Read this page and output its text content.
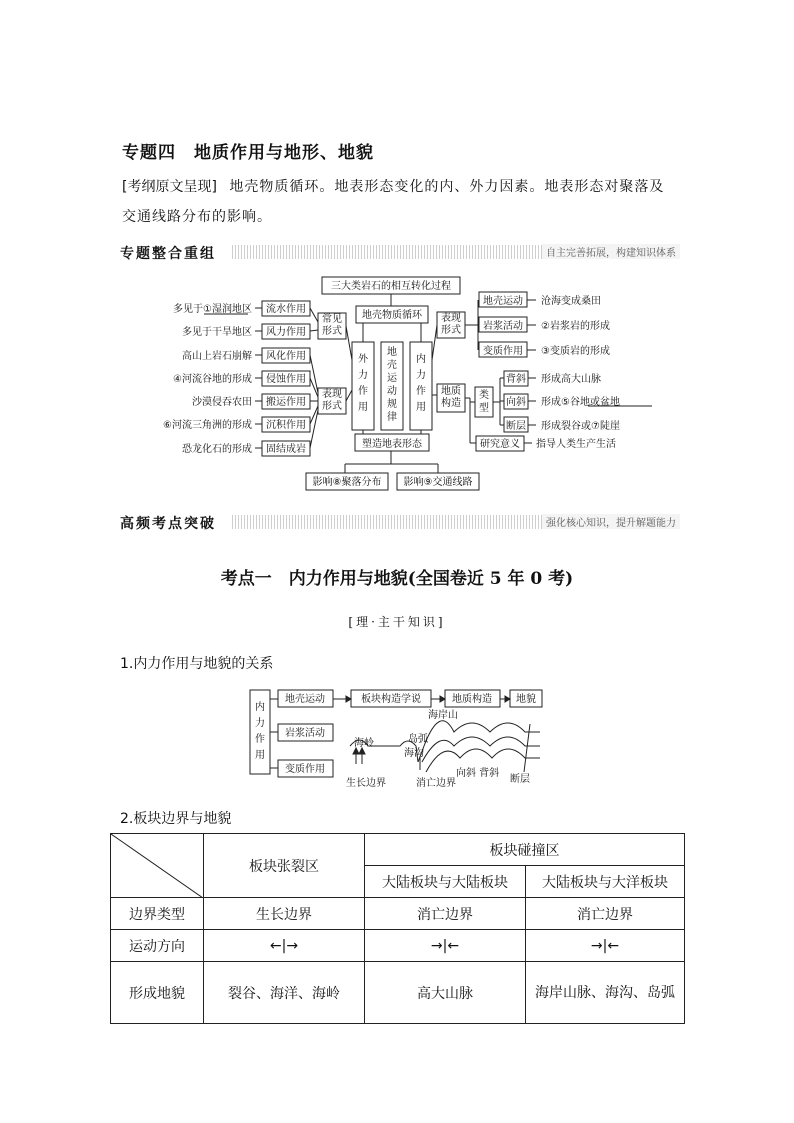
专题四　地质作用与地形、地貌
[考纲原文呈现] 地壳物质循环。地表形态变化的内、外力因素。地表形态对聚落及交通线路分布的影响。
专题整合重组	自主完善拓展，构建知识体系
三大类岩石的相互转化过程
地壳物质循环
塑造地表形态
影响⑧聚落分布 影响⑨交通线路
流水作用
风力作用
风化作用
侵蚀作用
搬运作用
沉积作用
固结成岩
多见于①湿润地区
多见于干旱地区
高山上岩石崩解
④河流谷地的形成
沙漠侵吞农田
⑥河流三角洲的形成
恐龙化石的形成
地壳运动
岩浆活动
变质作用
沧海变成桑田
②岩浆岩的形成
③变质岩的形成
背斜
向斜
断层
形成高大山脉
形成⑤谷地或盆地
形成裂谷或⑦陡崖
研究意义 指导人类生产生活
常见形式
表现形式
表现形式
地质构造
类型
外力作用
地壳运动规律
内力作用
高频考点突破	强化核心知识，提升解题能力
考点一　内力作用与地貌(全国卷近 5 年 0 考)
[理·主干知识]
1.内力作用与地貌的关系
地壳运动
岩浆活动
变质作用
板块构造学说	地质构造 地貌
海岭	岛弧
海沟
海岸山
生长边界	消亡边界
向斜 背斜
断层
内力作用
2.板块边界与地貌
	板块张裂区	板块碰撞区	
		大陆板块与大陆板块	大陆板块与大洋板块
边界类型	生长边界	消亡边界	消亡边界
运动方向	←|→	→|←	→|←
形成地貌	裂谷、海洋、海岭	高大山脉	海岸山脉、海沟、岛弧
